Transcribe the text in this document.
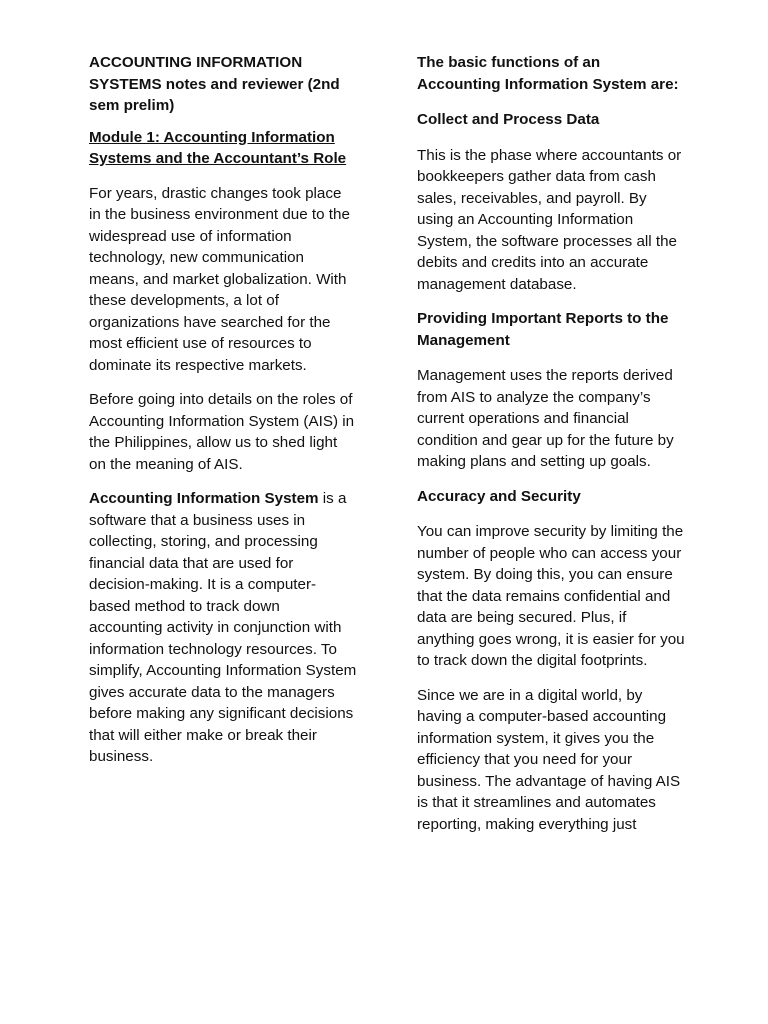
ACCOUNTING INFORMATION SYSTEMS notes and reviewer (2nd sem prelim)

Module 1: Accounting Information Systems and the Accountant’s Role

For years, drastic changes took place in the business environment due to the widespread use of information technology, new communication means, and market globalization. With these developments, a lot of organizations have searched for the most efficient use of resources to dominate its respective markets.

Before going into details on the roles of Accounting Information System (AIS) in the Philippines, allow us to shed light on the meaning of AIS.

Accounting Information System is a software that a business uses in collecting, storing, and processing financial data that are used for decision-making. It is a computer-based method to track down accounting activity in conjunction with information technology resources. To simplify, Accounting Information System gives accurate data to the managers before making any significant decisions that will either make or break their business.

The basic functions of an Accounting Information System are:

Collect and Process Data

This is the phase where accountants or bookkeepers gather data from cash sales, receivables, and payroll. By using an Accounting Information System, the software processes all the debits and credits into an accurate management database.

Providing Important Reports to the Management

Management uses the reports derived from AIS to analyze the company’s current operations and financial condition and gear up for the future by making plans and setting up goals.

Accuracy and Security

You can improve security by limiting the number of people who can access your system. By doing this, you can ensure that the data remains confidential and data are being secured. Plus, if anything goes wrong, it is easier for you to track down the digital footprints.

Since we are in a digital world, by having a computer-based accounting information system, it gives you the efficiency that you need for your business. The advantage of having AIS is that it streamlines and automates reporting, making everything just
